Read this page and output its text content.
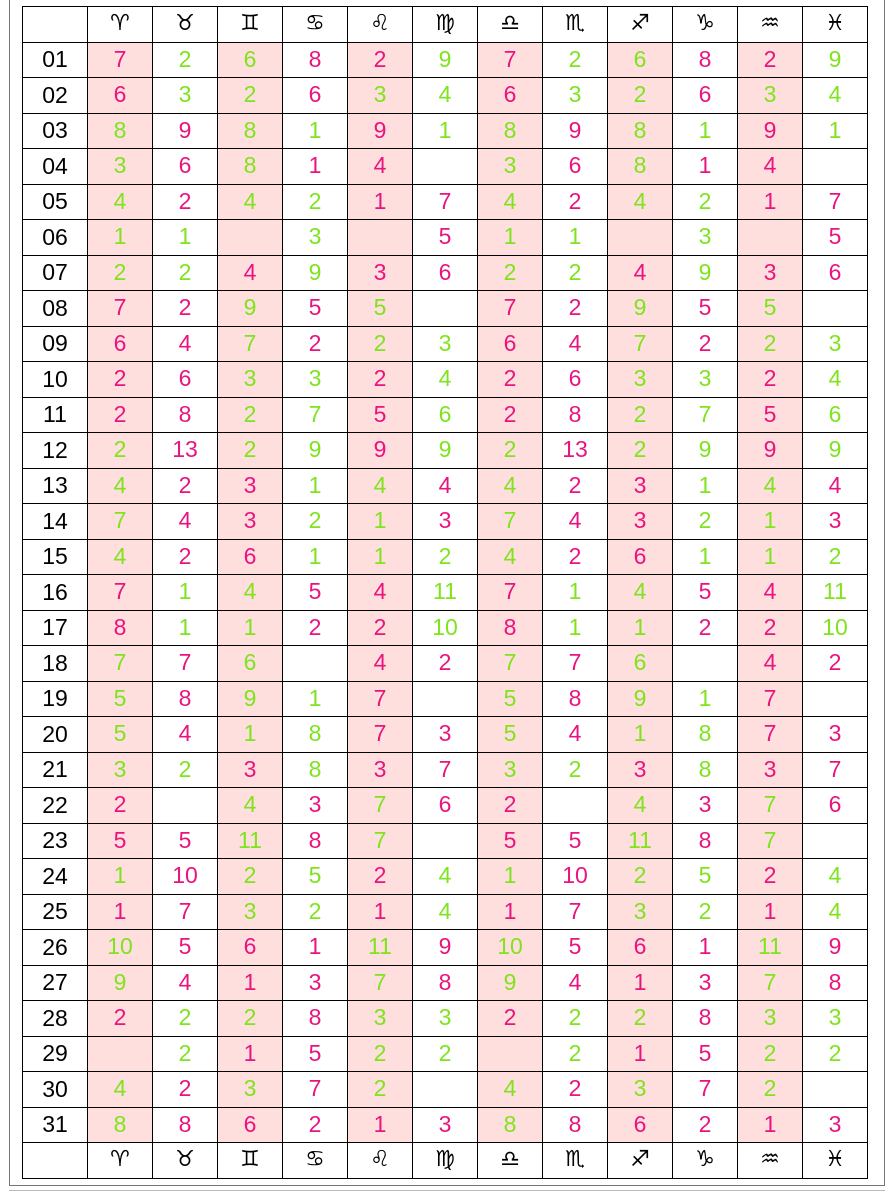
	♈	♉	♊	♋	♌	♍	♎	♏	♐	♑	♒	♓
01	7	2	6	8	2	9	7	2	6	8	2	9
02	6	3	2	6	3	4	6	3	2	6	3	4
03	8	9	8	1	9	1	8	9	8	1	9	1
04	3	6	8	1	4		3	6	8	1	4	
05	4	2	4	2	1	7	4	2	4	2	1	7
06	1	1		3		5	1	1		3		5
07	2	2	4	9	3	6	2	2	4	9	3	6
08	7	2	9	5	5		7	2	9	5	5	
09	6	4	7	2	2	3	6	4	7	2	2	3
10	2	6	3	3	2	4	2	6	3	3	2	4
11	2	8	2	7	5	6	2	8	2	7	5	6
12	2	13	2	9	9	9	2	13	2	9	9	9
13	4	2	3	1	4	4	4	2	3	1	4	4
14	7	4	3	2	1	3	7	4	3	2	1	3
15	4	2	6	1	1	2	4	2	6	1	1	2
16	7	1	4	5	4	11	7	1	4	5	4	11
17	8	1	1	2	2	10	8	1	1	2	2	10
18	7	7	6		4	2	7	7	6		4	2
19	5	8	9	1	7		5	8	9	1	7	
20	5	4	1	8	7	3	5	4	1	8	7	3
21	3	2	3	8	3	7	3	2	3	8	3	7
22	2		4	3	7	6	2		4	3	7	6
23	5	5	11	8	7		5	5	11	8	7	
24	1	10	2	5	2	4	1	10	2	5	2	4
25	1	7	3	2	1	4	1	7	3	2	1	4
26	10	5	6	1	11	9	10	5	6	1	11	9
27	9	4	1	3	7	8	9	4	1	3	7	8
28	2	2	2	8	3	3	2	2	2	8	3	3
29		2	1	5	2	2		2	1	5	2	2
30	4	2	3	7	2		4	2	3	7	2	
31	8	8	6	2	1	3	8	8	6	2	1	3
	♈	♉	♊	♋	♌	♍	♎	♏	♐	♑	♒	♓
